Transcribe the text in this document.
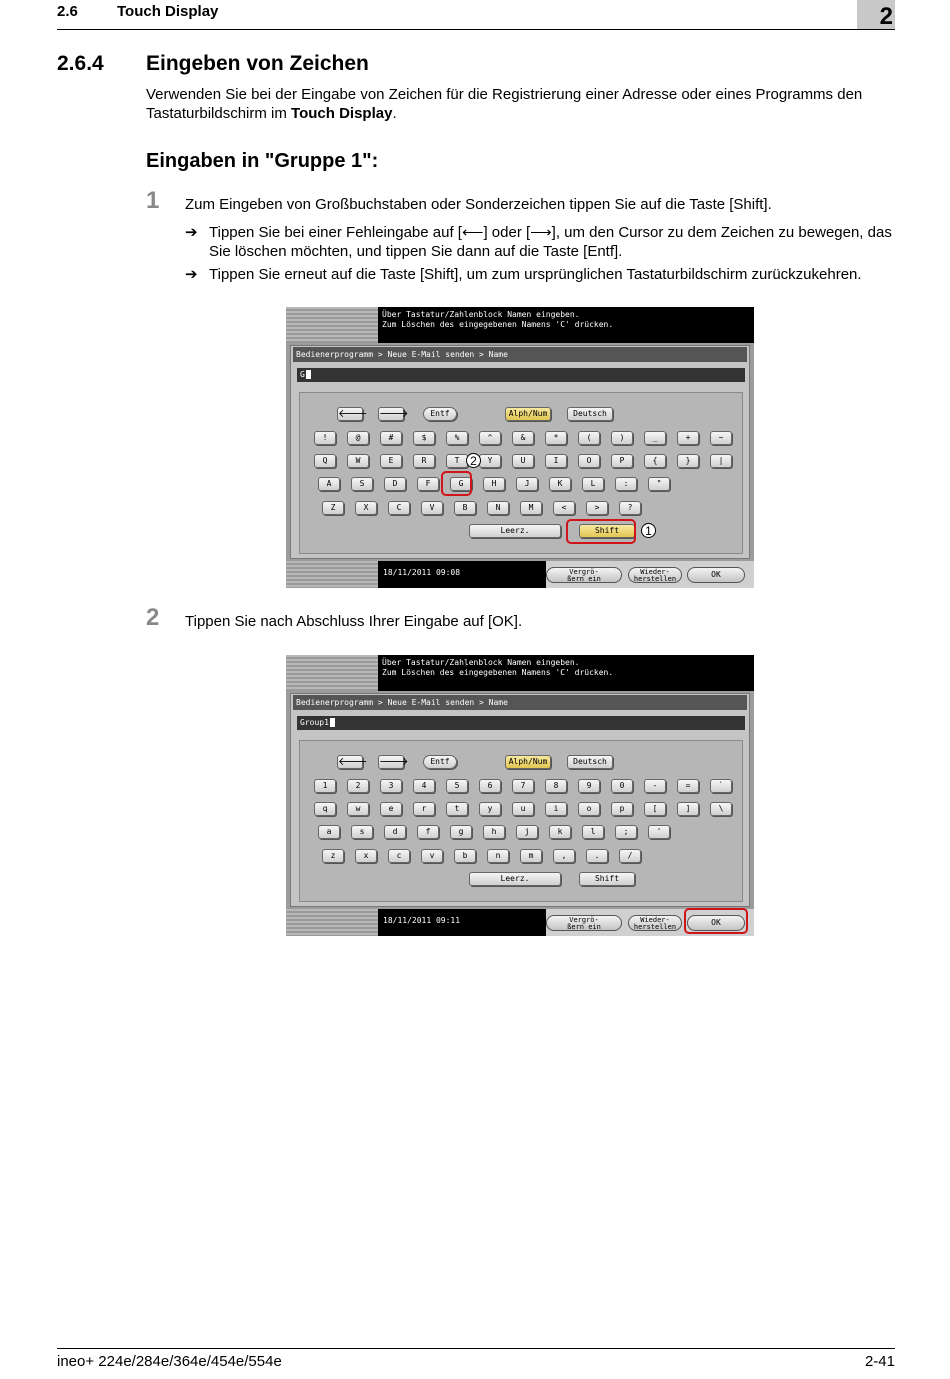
2.6	Touch Display	2
2.6.4 Eingeben von Zeichen
Verwenden Sie bei der Eingabe von Zeichen für die Registrierung einer Adresse oder eines Programms den Tastaturbildschirm im Touch Display.
Eingaben in "Gruppe 1":
1 Zum Eingeben von Großbuchstaben oder Sonderzeichen tippen Sie auf die Taste [Shift].
➔ Tippen Sie bei einer Fehleingabe auf [⟵] oder [⟶], um den Cursor zu dem Zeichen zu bewegen, das Sie löschen möchten, und tippen Sie dann auf die Taste [Entf].
➔ Tippen Sie erneut auf die Taste [Shift], um zum ursprünglichen Tastaturbildschirm zurückzukehren.
Über Tastatur/Zahlenblock Namen eingeben.
Zum Löschen des eingegebenen Namens 'C' drücken.
Bedienerprogramm > Neue E-Mail senden > Name
G
🡐 🡒	Entf	Alph/Num	Deutsch
!	@	#	$	%	^	&	*	(	)	_	+	~
Q	W	E	R	T	Y	U	I	O	P	{	}	|
A	S	D	F	G	H	J	K	L	:	"
Z	X	C	V	B	N	M	<	>	?
Leerz.	Shift
18/11/2011 09:08	Vergrö-
ßern ein
Wieder-
herstellen	OK
1
2
2 Tippen Sie nach Abschluss Ihrer Eingabe auf [OK].
Über Tastatur/Zahlenblock Namen eingeben.
Zum Löschen des eingegebenen Namens 'C' drücken.
Bedienerprogramm > Neue E-Mail senden > Name
Group1
🡐 🡒	Entf	Alph/Num	Deutsch
1	2	3	4	5	6	7	8	9	0	-	=	`
q	w	e	r	t	y	u	i	o	p	[	]	\
a	s	d	f	g	h	j	k	l	;	'
z	x	c	v	b	n	m	,	.	/
Leerz.	Shift
18/11/2011 09:11	Vergrö-
ßern ein
Wieder-
herstellen	OK
ineo+ 224e/284e/364e/454e/554e	2-41
